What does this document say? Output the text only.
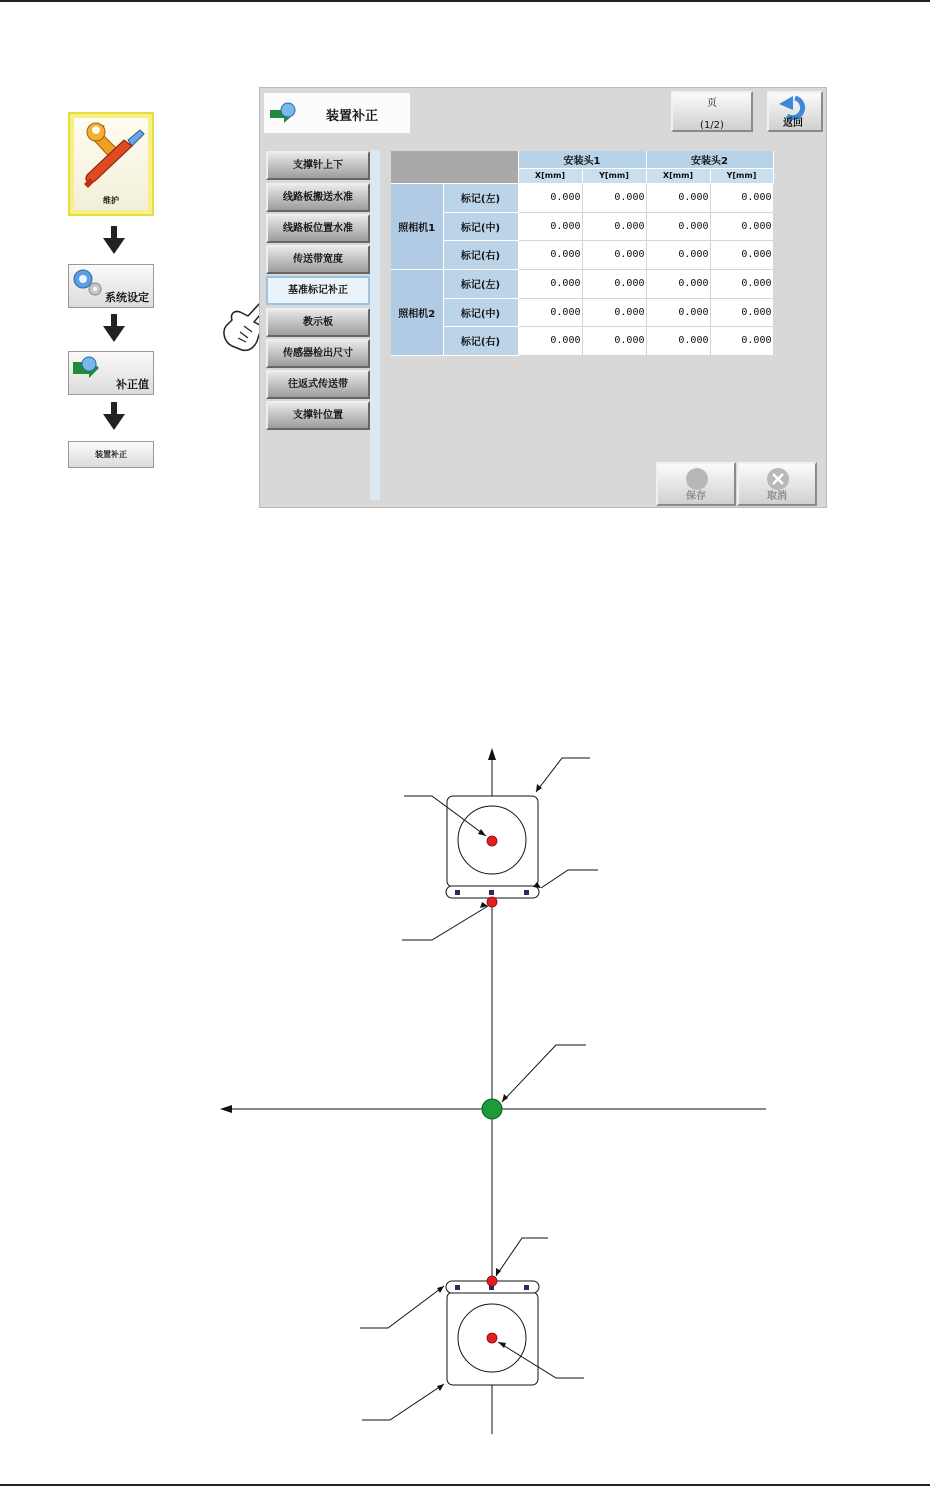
维护
系统设定
补正值
装置补正
装置补正
页
(1/2)	返回
支撑针上下
线路板搬送水准
线路板位置水准
传送带宽度
基准标记补正
教示板
传感器检出尺寸
往返式传送带
支撑针位置
		安装头1		安装头2	
		X[mm]	Y[mm]	X[mm]	Y[mm]
照相机1	标记(左)	0.000	0.000	0.000	0.000
	标记(中)	0.000	0.000	0.000	0.000
	标记(右)	0.000	0.000	0.000	0.000
照相机2	标记(左)	0.000	0.000	0.000	0.000
	标记(中)	0.000	0.000	0.000	0.000
	标记(右)	0.000	0.000	0.000	0.000
保存	取消
